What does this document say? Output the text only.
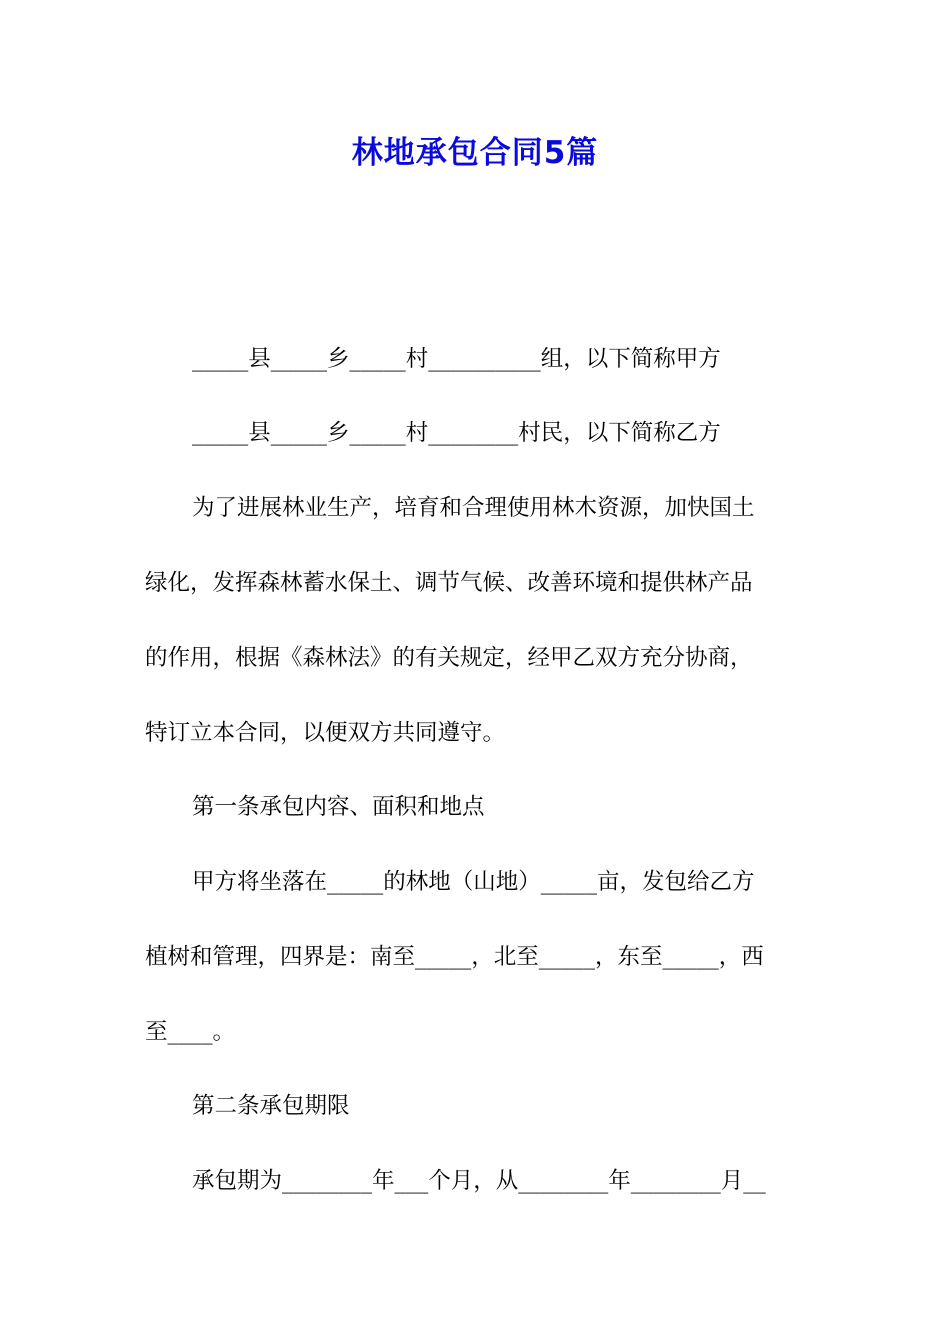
林地承包合同5篇
_____县_____乡_____村__________组，以下简称甲方
_____县_____乡_____村________村民，以下简称乙方
为了进展林业生产，培育和合理使用林木资源，加快国土
绿化，发挥森林蓄水保土、调节气候、改善环境和提供林产品
的作用，根据《森林法》的有关规定，经甲乙双方充分协商，
特订立本合同，以便双方共同遵守。
第一条承包内容、面积和地点
甲方将坐落在_____的林地（山地）_____亩，发包给乙方
植树和管理，四界是：南至_____，北至_____，东至_____，西
至____。
第二条承包期限
承包期为________年___个月，从________年________月__
